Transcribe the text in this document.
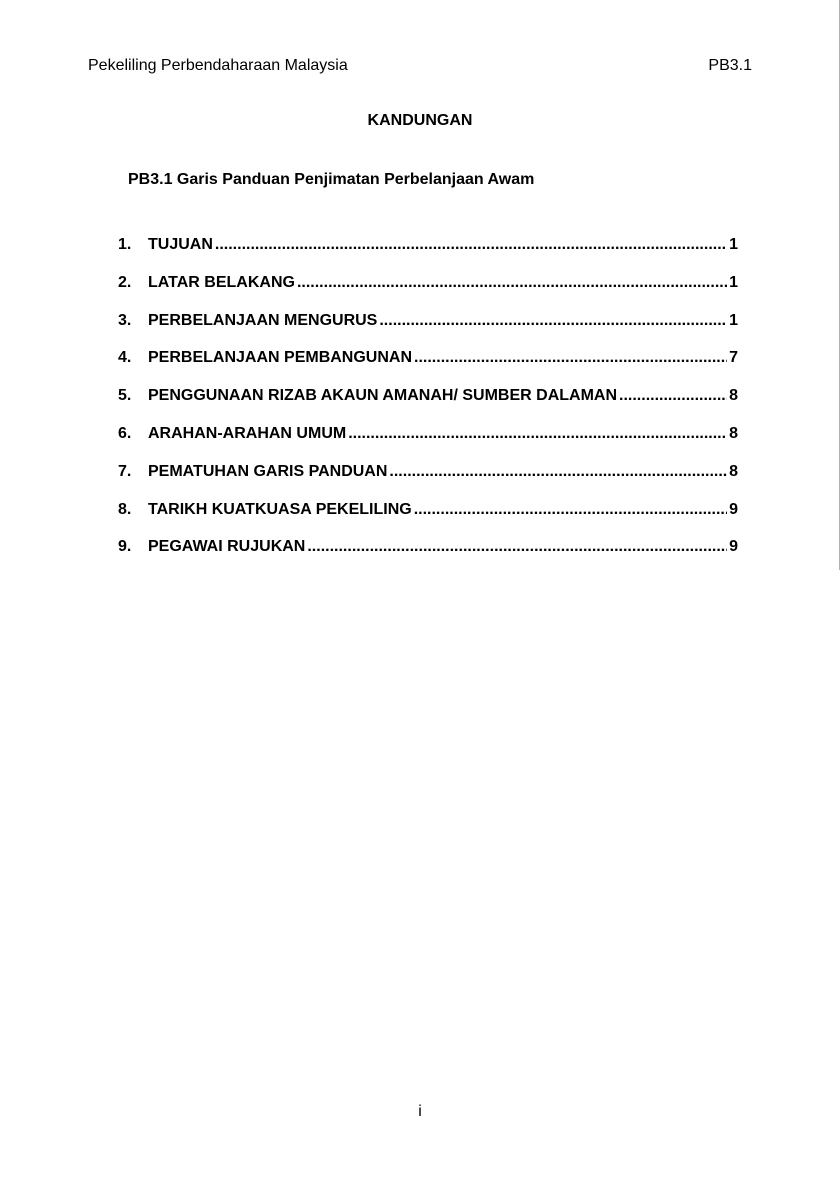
Pekeliling Perbendaharaan Malaysia	PB3.1
KANDUNGAN
PB3.1 Garis Panduan Penjimatan Perbelanjaan Awam
1.	TUJUAN .....	1
2.	LATAR BELAKANG .....	1
3.	PERBELANJAAN MENGURUS .....	1
4.	PERBELANJAAN PEMBANGUNAN .....	7
5.	PENGGUNAAN RIZAB AKAUN AMANAH/ SUMBER DALAMAN .....	8
6.	ARAHAN-ARAHAN UMUM .....	8
7.	PEMATUHAN GARIS PANDUAN .....	8
8.	TARIKH KUATKUASA PEKELILING .....	9
9.	PEGAWAI RUJUKAN .....	9
i
